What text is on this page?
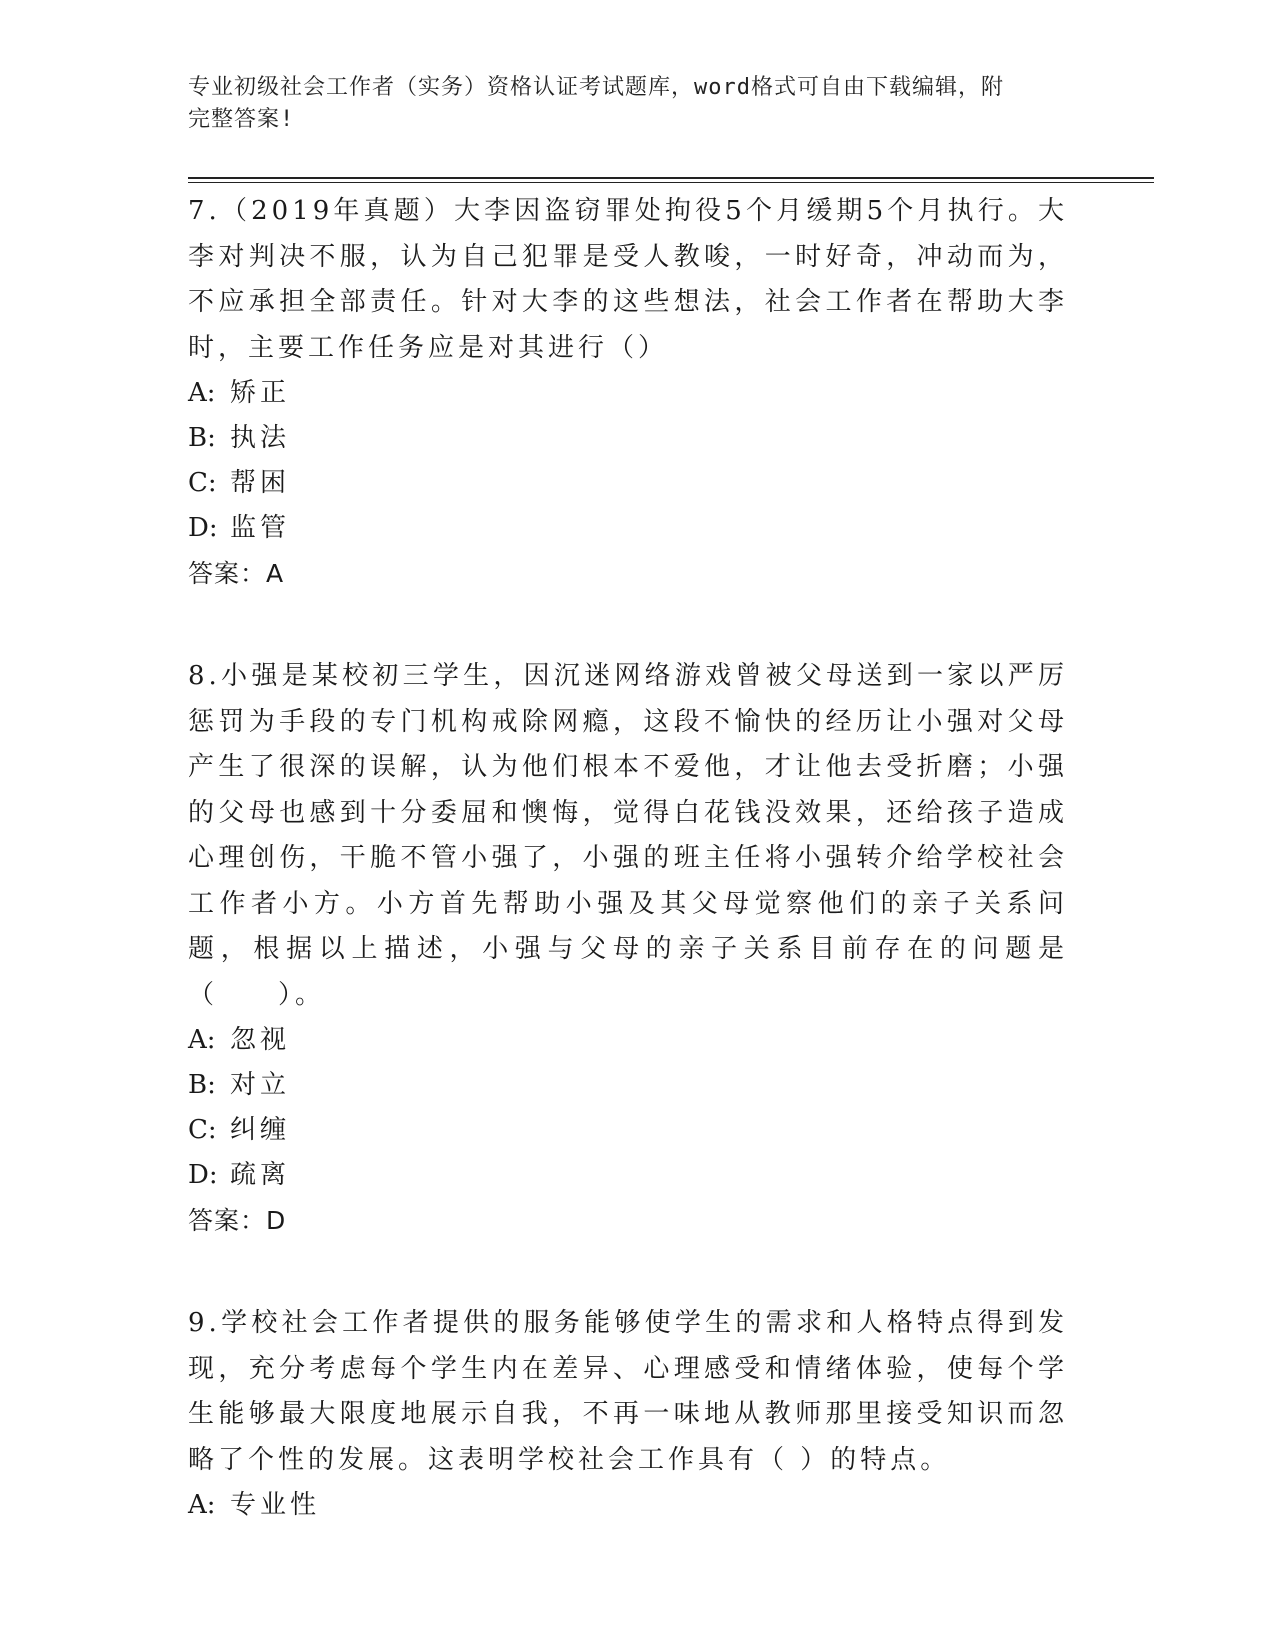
专业初级社会工作者（实务）资格认证考试题库，word格式可自由下载编辑，附
完整答案!

7.（2019年真题）大李因盗窃罪处拘役5个月缓期5个月执行。大李对判决不服，认为自己犯罪是受人教唆，一时好奇，冲动而为，不应承担全部责任。针对大李的这些想法，社会工作者在帮助大李时，主要工作任务应是对其进行（）

A: 矫正

B: 执法

C: 帮困

D: 监管

答案：A

8.小强是某校初三学生，因沉迷网络游戏曾被父母送到一家以严厉惩罚为手段的专门机构戒除网瘾，这段不愉快的经历让小强对父母产生了很深的误解，认为他们根本不爱他，才让他去受折磨；小强的父母也感到十分委屈和懊悔，觉得白花钱没效果，还给孩子造成心理创伤，干脆不管小强了，小强的班主任将小强转介给学校社会工作者小方。小方首先帮助小强及其父母觉察他们的亲子关系问题，根据以上描述，小强与父母的亲子关系目前存在的问题是（　　）。

A: 忽视

B: 对立

C: 纠缠

D: 疏离

答案：D

9.学校社会工作者提供的服务能够使学生的需求和人格特点得到发现，充分考虑每个学生内在差异、心理感受和情绪体验，使每个学生能够最大限度地展示自我，不再一味地从教师那里接受知识而忽略了个性的发展。这表明学校社会工作具有（ ）的特点。

A: 专业性
